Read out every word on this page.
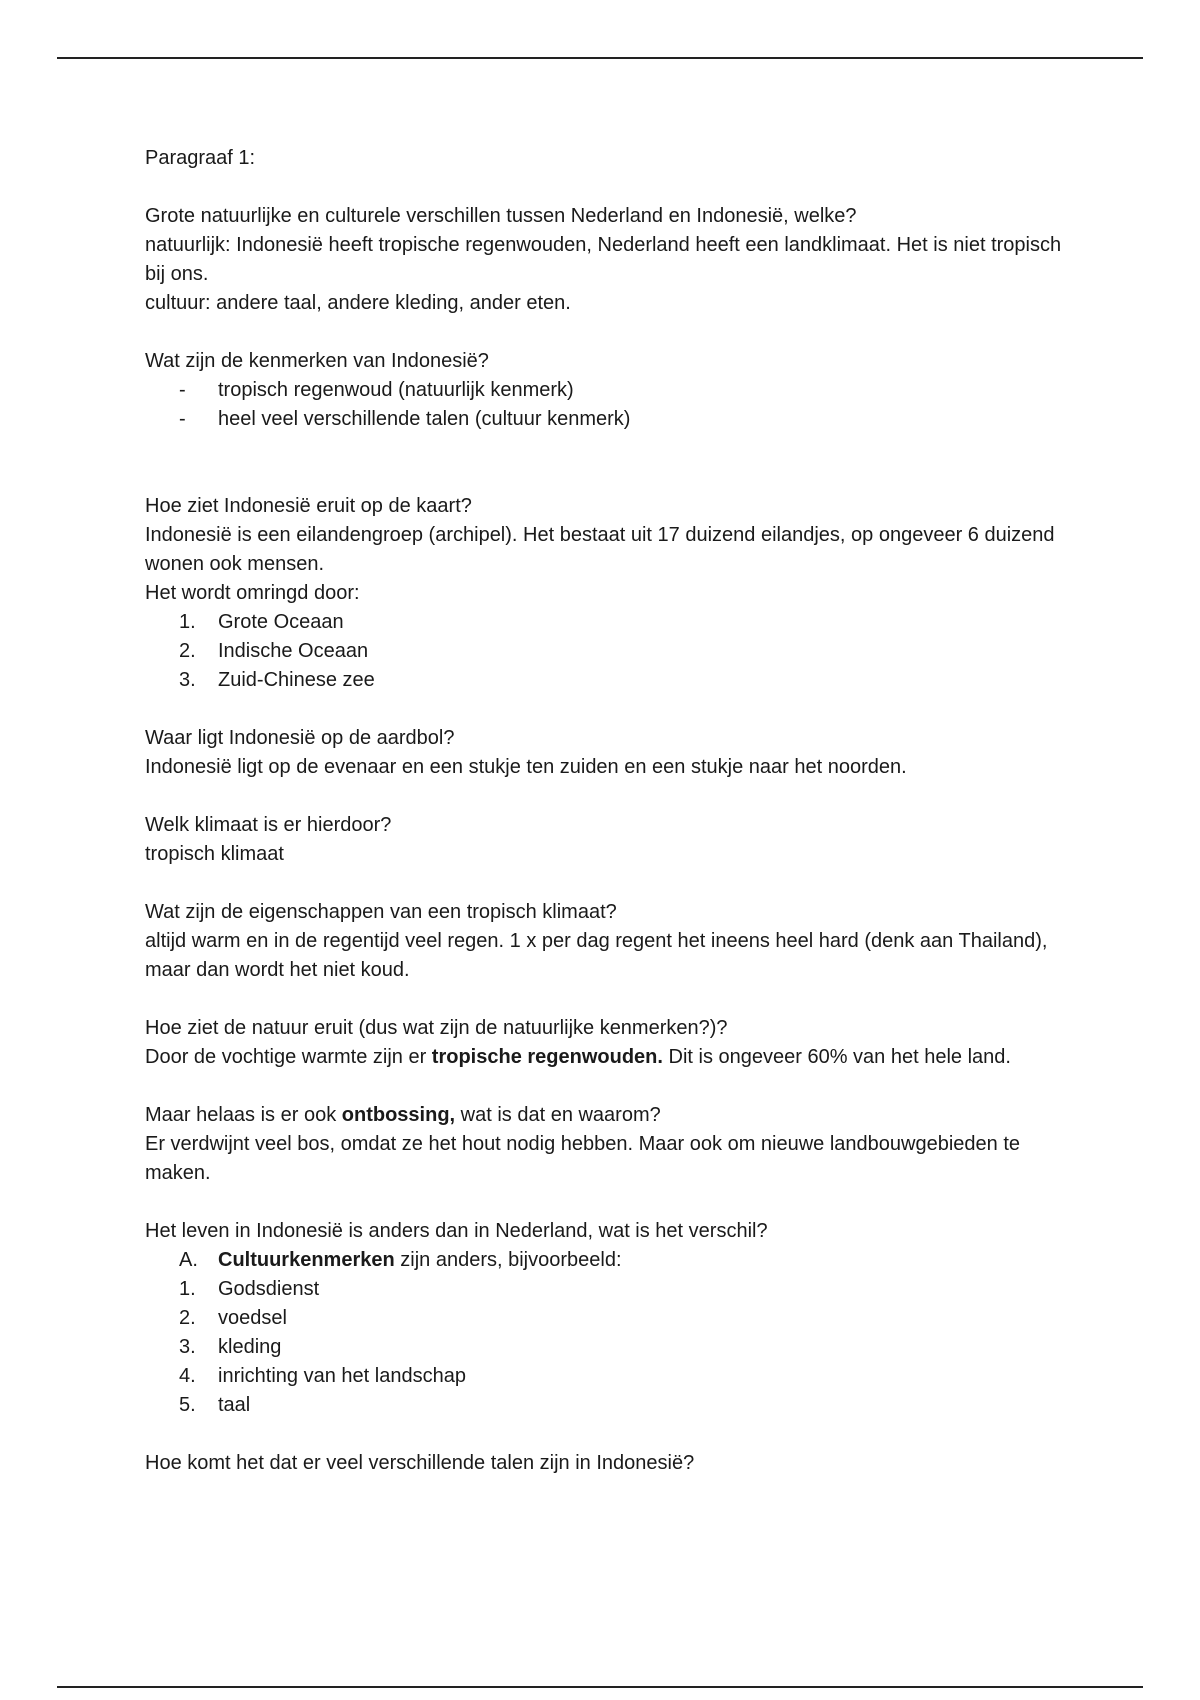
Paragraaf 1:

Grote natuurlijke en culturele verschillen tussen Nederland en Indonesië, welke?

natuurlijk: Indonesië heeft tropische regenwouden, Nederland heeft een landklimaat. Het is niet tropisch bij ons.

cultuur: andere taal, andere kleding, ander eten.

Wat zijn de kenmerken van Indonesië?

-	tropisch regenwoud (natuurlijk kenmerk)
-	heel veel verschillende talen (cultuur kenmerk)

Hoe ziet Indonesië eruit op de kaart?

Indonesië is een eilandengroep (archipel). Het bestaat uit 17 duizend eilandjes, op ongeveer 6 duizend wonen ook mensen.

Het wordt omringd door:

1.	Grote Oceaan
2.	Indische Oceaan
3.	Zuid-Chinese zee

Waar ligt Indonesië op de aardbol?

Indonesië ligt op de evenaar en een stukje ten zuiden en een stukje naar het noorden.

Welk klimaat is er hierdoor?

tropisch klimaat

Wat zijn de eigenschappen van een tropisch klimaat?

altijd warm en in de regentijd veel regen. 1 x per dag regent het ineens heel hard (denk aan Thailand), maar dan wordt het niet koud.

Hoe ziet de natuur eruit (dus wat zijn de natuurlijke kenmerken?)?

Door de vochtige warmte zijn er tropische regenwouden. Dit is ongeveer 60% van het hele land.

Maar helaas is er ook ontbossing, wat is dat en waarom?

Er verdwijnt veel bos, omdat ze het hout nodig hebben. Maar ook om nieuwe landbouwgebieden te maken.

Het leven in Indonesië is anders dan in Nederland, wat is het verschil?

A.	Cultuurkenmerken zijn anders, bijvoorbeeld:
1.	Godsdienst
2.	voedsel
3.	kleding
4.	inrichting van het landschap
5.	taal

Hoe komt het dat er veel verschillende talen zijn in Indonesië?
